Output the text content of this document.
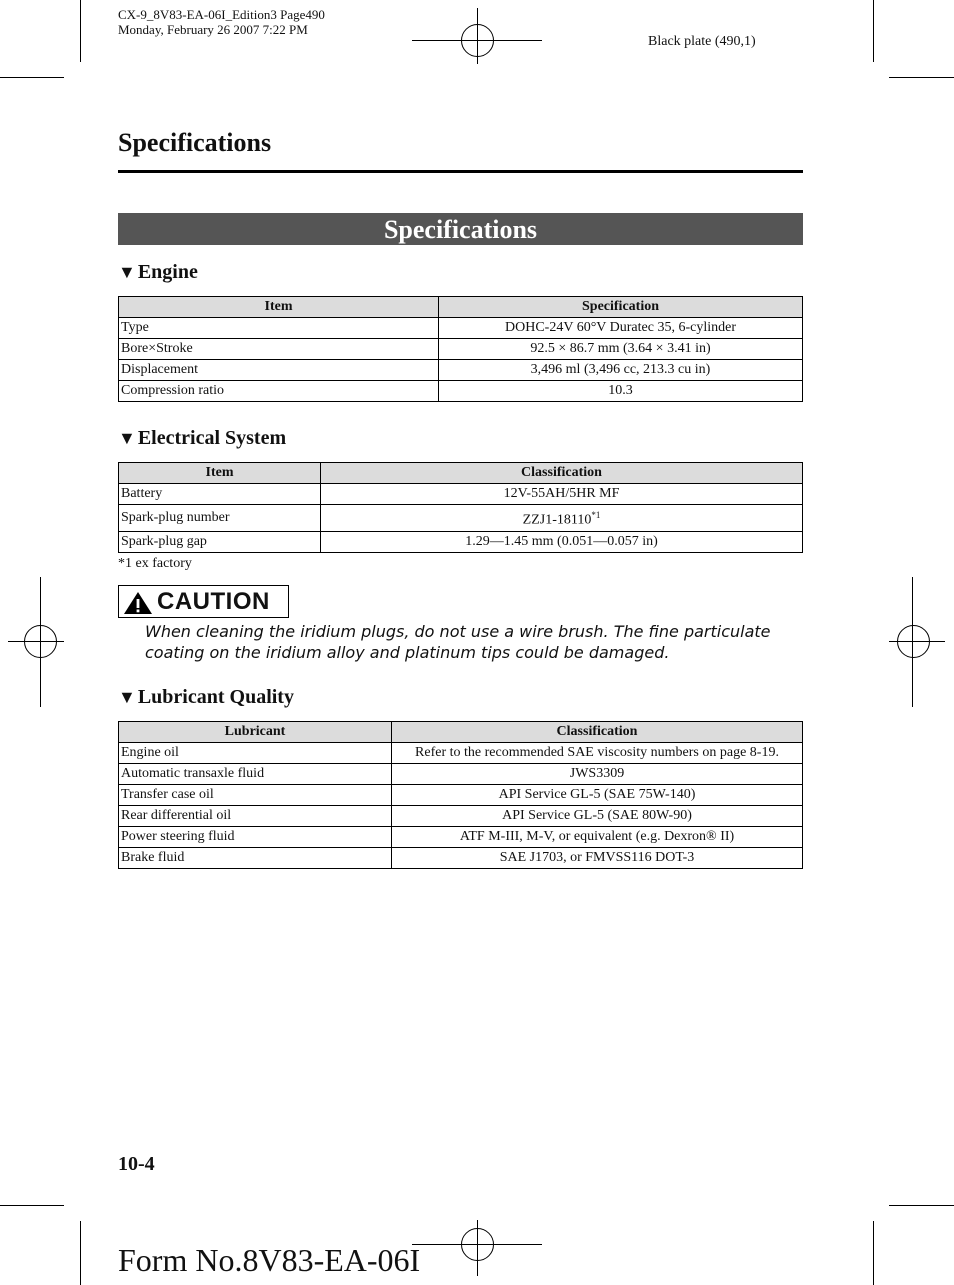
CX-9_8V83-EA-06I_Edition3 Page490
Monday, February 26 2007 7:22 PM
Black plate (490,1)
Specifications
Specifications
▼ Engine
Item	Specification
Type	DOHC-24V 60°V Duratec 35, 6-cylinder
Bore×Stroke	92.5 × 86.7 mm (3.64 × 3.41 in)
Displacement	3,496 ml (3,496 cc, 213.3 cu in)
Compression ratio	10.3
▼ Electrical System
Item	Classification
Battery	12V-55AH/5HR MF
Spark-plug number	ZZJ1-18110$^{*1}$
Spark-plug gap	1.29—1.45 mm (0.051—0.057 in)
*1 ex factory
CAUTION
When cleaning the iridium plugs, do not use a wire brush. The fine particulate
coating on the iridium alloy and platinum tips could be damaged.
▼ Lubricant Quality
Lubricant	Classification
Engine oil	Refer to the recommended SAE viscosity numbers on page 8-19.
Automatic transaxle fluid	JWS3309
Transfer case oil	API Service GL-5 (SAE 75W-140)
Rear differential oil	API Service GL-5 (SAE 80W-90)
Power steering fluid	ATF M-III, M-V, or equivalent (e.g. Dexron® II)
Brake fluid	SAE J1703, or FMVSS116 DOT-3
10-4
Form No.8V83-EA-06I
